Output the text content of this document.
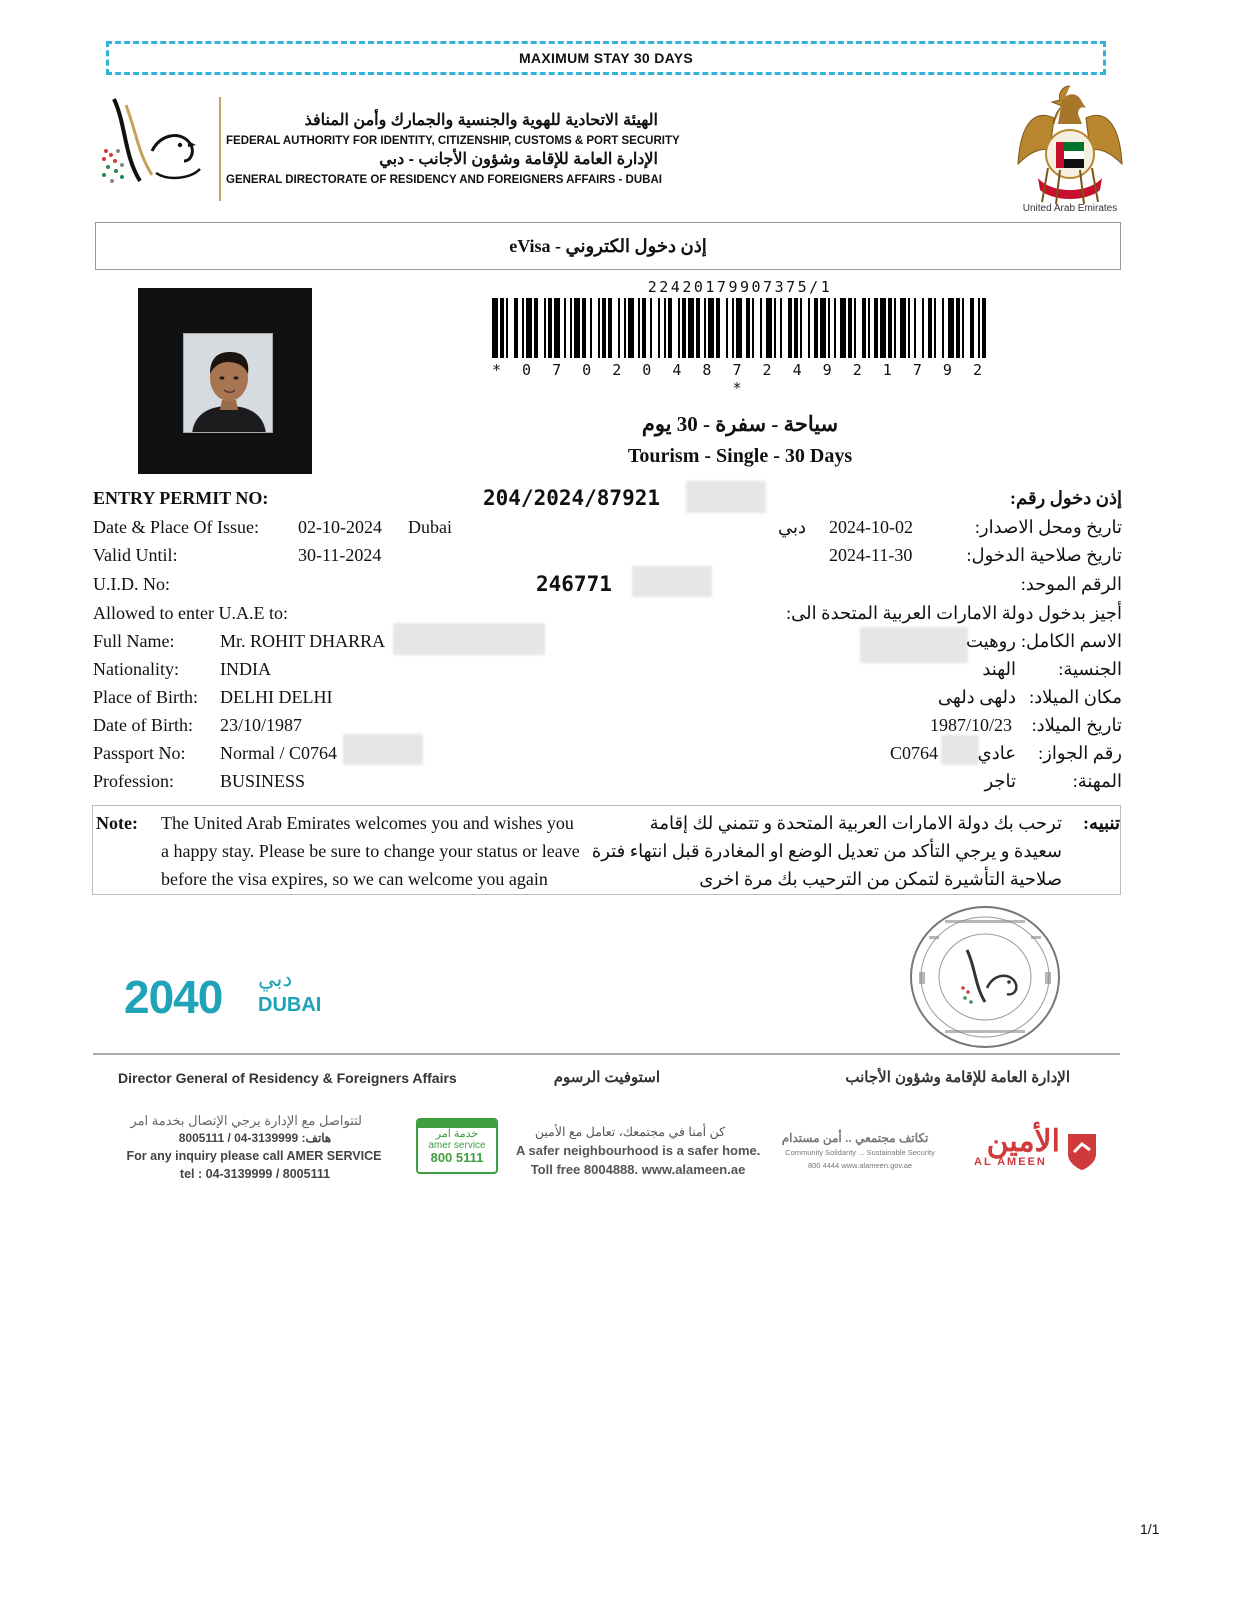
MAXIMUM STAY 30 DAYS
الهيئة الاتحادية للهوية والجنسية والجمارك وأمن المنافذ
FEDERAL AUTHORITY FOR IDENTITY, CITIZENSHIP, CUSTOMS & PORT SECURITY
الإدارة العامة للإقامة وشؤون الأجانب - دبي
GENERAL DIRECTORATE OF RESIDENCY AND FOREIGNERS AFFAIRS - DUBAI
United Arab Emirates
إذن دخول الكتروني - eVisa
22420179907375/1
* 0 7 0 2 0 4 8 7 2 4 9 2 1 7 9 2 *
سياحة - سفرة - 30 يوم
Tourism - Single - 30 Days
ENTRY PERMIT NO:	204/2024/87921	إذن دخول رقم:
Date & Place Of Issue: 02-10-2024 Dubai	دبي 2024-10-02	تاريخ ومحل الاصدار:
Valid Until:	30-11-2024	2024-11-30	تاريخ صلاحية الدخول:
U.I.D. No:	246771	الرقم الموحد:
Allowed to enter U.A.E to:	أجيز بدخول دولة الامارات العربية المتحدة الى:
Full Name:	Mr. ROHIT DHARRA	روهيت الاسم الكامل:
Nationality: INDIA	الهند	الجنسية:
Place of Birth: DELHI DELHI	دلهى دلهى مكان الميلاد:
Date of Birth: 23/10/1987	1987/10/23	تاريخ الميلاد:
Passport No: Normal / C0764	C0764	عادي	رقم الجواز:
Profession:	BUSINESS	تاجر	المهنة:
Note: The United Arab Emirates welcomes you and wishes you
a happy stay. Please be sure to change your status or leave
before the visa expires, so we can welcome you again
تنبيه:
ترحب بك دولة الامارات العربية المتحدة و تتمني لك إقامة
سعيدة و يرجي التأكد من تعديل الوضع او المغادرة قبل انتهاء فترة
صلاحية التأشيرة لتمكن من الترحيب بك مرة اخرى
2040 دبي
DUBAI
Director General of Residency & Foreigners Affairs	استوفيت الرسوم	الإدارة العامة للإقامة وشؤون الأجانب
لتتواصل مع الإدارة يرجي الإتصال بخدمة امر
8005111 / 04-3139999 :هاتف
For any inquiry please call AMER SERVICE
tel : 04-3139999 / 8005111
خدمة امر
amer service
800 5111
كن أمنا في مجتمعك، تعامل مع الأمين
A safer neighbourhood is a safer home.
Toll free 8004888. www.alameen.ae
تكاتف مجتمعي .. أمن مستدام
Community Solidarity ... Sustainable Security
800 4444 www.alameen.gov.ae
الأمين
AL AMEEN
1/1
